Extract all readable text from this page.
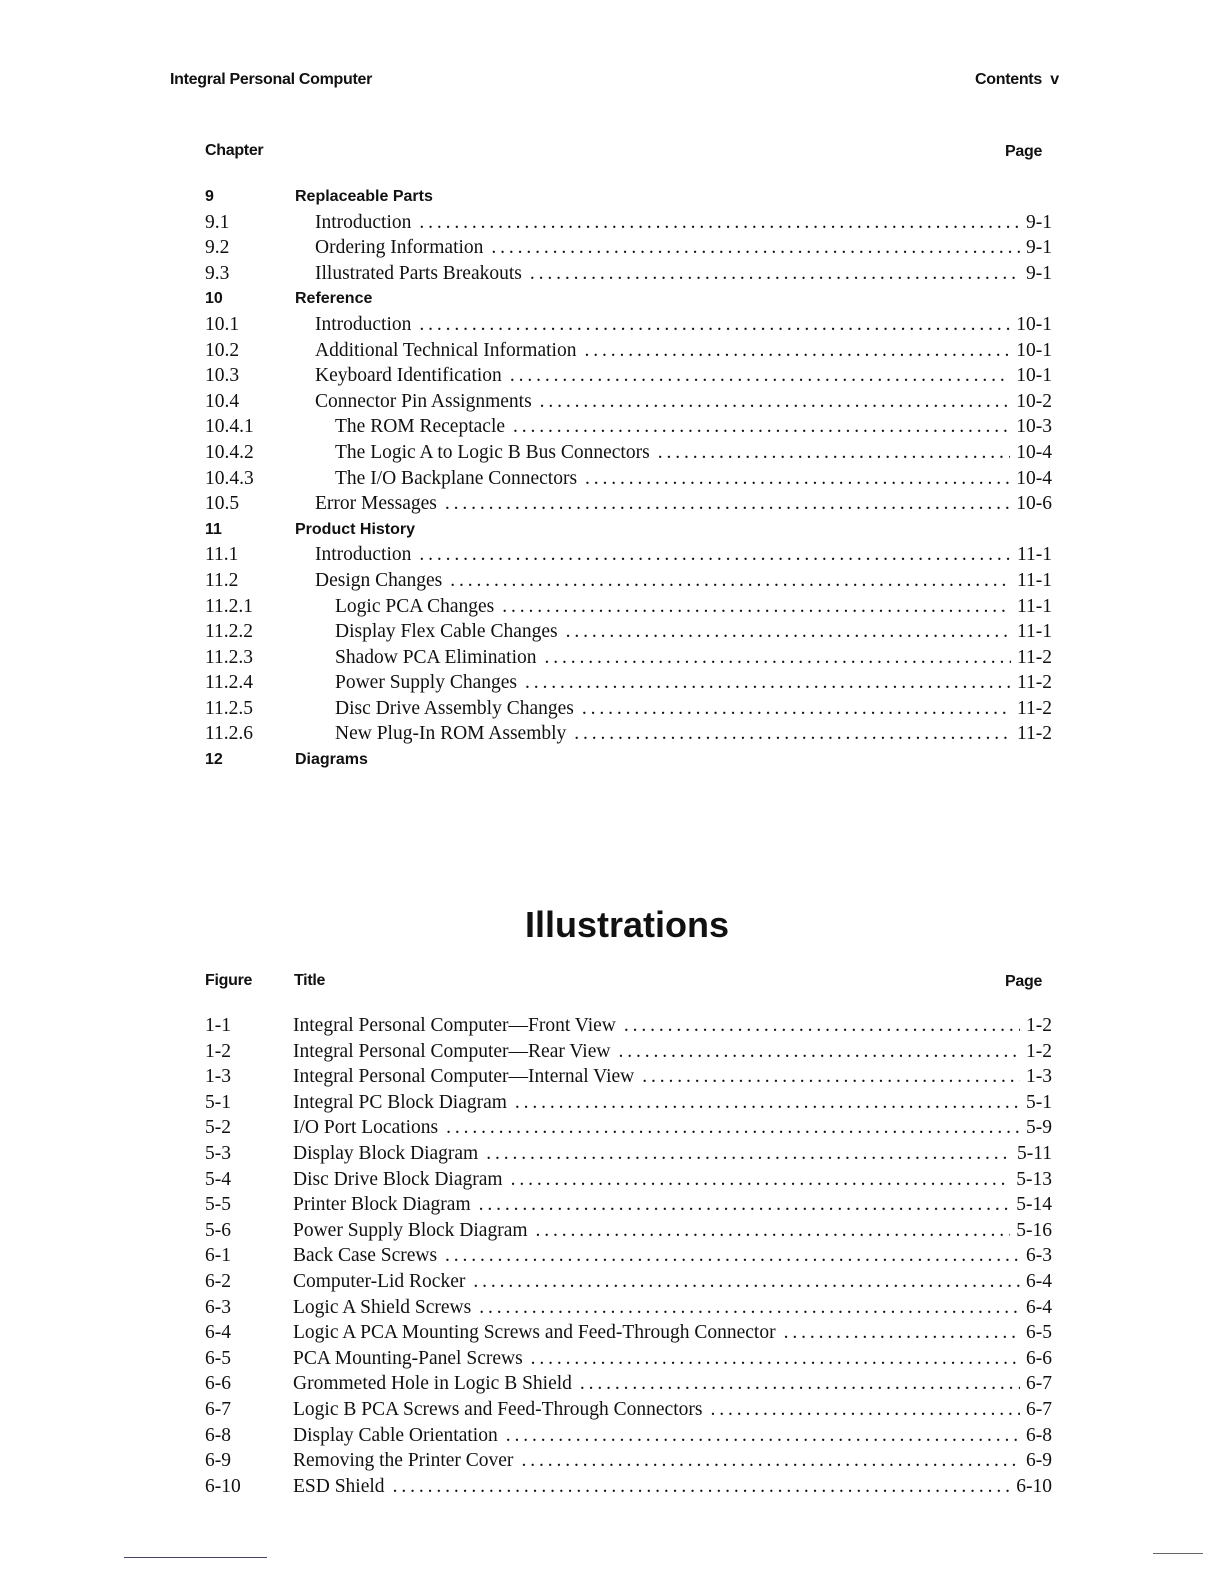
Integral Personal Computer	Contents  v
Chapter	Page
9	Replaceable Parts
9.1	Introduction . . .	9-1
9.2	Ordering Information . . .	9-1
9.3	Illustrated Parts Breakouts . . .	9-1
10	Reference
10.1	Introduction . . .	10-1
10.2	Additional Technical Information . . .	10-1
10.3	Keyboard Identification . . .	10-1
10.4	Connector Pin Assignments . . .	10-2
10.4.1	The ROM Receptacle . . .	10-3
10.4.2	The Logic A to Logic B Bus Connectors . . .	10-4
10.4.3	The I/O Backplane Connectors . . .	10-4
10.5	Error Messages . . .	10-6
11	Product History
11.1	Introduction . . .	11-1
11.2	Design Changes . . .	11-1
11.2.1	Logic PCA Changes . . .	11-1
11.2.2	Display Flex Cable Changes . . .	11-1
11.2.3	Shadow PCA Elimination . . .	11-2
11.2.4	Power Supply Changes . . .	11-2
11.2.5	Disc Drive Assembly Changes . . .	11-2
11.2.6	New Plug-In ROM Assembly . . .	11-2
12	Diagrams
Illustrations
Figure	Title	Page
1-1	Integral Personal Computer—Front View . . .	1-2
1-2	Integral Personal Computer—Rear View . . .	1-2
1-3	Integral Personal Computer—Internal View . . .	1-3
5-1	Integral PC Block Diagram . . .	5-1
5-2	I/O Port Locations . . .	5-9
5-3	Display Block Diagram . . .	5-11
5-4	Disc Drive Block Diagram . . .	5-13
5-5	Printer Block Diagram . . .	5-14
5-6	Power Supply Block Diagram . . .	5-16
6-1	Back Case Screws . . .	6-3
6-2	Computer-Lid Rocker . . .	6-4
6-3	Logic A Shield Screws . . .	6-4
6-4	Logic A PCA Mounting Screws and Feed-Through Connector . . .	6-5
6-5	PCA Mounting-Panel Screws . . .	6-6
6-6	Grommeted Hole in Logic B Shield . . .	6-7
6-7	Logic B PCA Screws and Feed-Through Connectors . . .	6-7
6-8	Display Cable Orientation . . .	6-8
6-9	Removing the Printer Cover . . .	6-9
6-10	ESD Shield . . .	6-10
